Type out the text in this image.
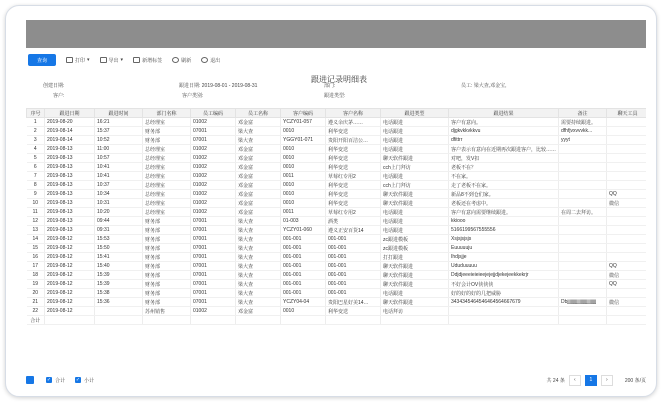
查询	打印 ▾	导出 ▾	新增标签	刷新	退出
跟进记录明细表
创建日期:	跟进日期: 2019-08-01 - 2019-08-31	部门:	员工: 梁大查,邓金宝,
客户:	客户类别:	跟进类型:
序号	跟进日期	跟进时间	部门名称	员工编码	员工名称	客户编码	客户名称	跟进类型	跟进结果	备注	聊天工具
1	2019-08-20	16:21	总经理室	01002	邓金富	YCZY01-057	遵义余庆茅……	电话跟进	客户有意向。	需要持续跟进。	
2	2019-08-14	15:37	财务部	07001	梁大查	0010	利华变送	电话跟进	djgkvkkvkkvu	dfhfjvxvvvkk...	
3	2019-08-14	10:52	财务部	07001	梁大查	YGGY01-071	贵阳开阳百洁公…	电话跟进	dfittrr	yyyt	
4	2019-08-13	11:00	总经理室	01002	邓金富	0010	利华变送	电话跟进	客户表示有意向在近期再次跟进客户，比较……		
5	2019-08-13	10:57	总经理室	01002	邓金富	0010	利华变送	聊天软件跟进	对吧，发V扣		
6	2019-08-13	10:41	总经理室	01002	邓金富	0010	利华变送	cch上门拜访	老板不在？		
7	2019-08-13	10:41	总经理室	01002	邓金富	0011	草莓红专用2	电话跟进	不在家。		
8	2019-08-13	10:37	总经理室	01002	邓金富	0010	利华变送	cch上门拜访	走了老板不在家。		
9	2019-08-13	10:34	总经理室	01002	邓金富	0010	利华变送	聊天软件跟进	新品8不到仓们家。		QQ
10	2019-08-13	10:31	总经理室	01002	邓金富	0010	利华变送	聊天软件跟进	老板还在考虑中。		微信
11	2019-08-13	10:20	总经理室	01002	邓金富	0011	草莓红专用2	电话跟进	客户有意向需要继续跟进。	在周二去拜访。	
12	2019-08-13	09:44	财务部	07001	梁大查	01-003	酒类	电话跟进	kkiooo		
13	2019-08-13	09:31	财务部	07001	梁大查	YCZY01-060	遵义正安百货14	电话跟进	5166199567555556		
14	2019-08-12	15:53	财务部	07001	梁大查	001-001	001-001	zc跟进模板	Xsjsjsjsjs		
15	2019-08-12	15:50	财务部	07001	梁大查	001-001	001-001	zc跟进模板	Euuuuuju		
16	2019-08-12	15:41	财务部	07001	梁大查	001-001	001-001	打打跟进	Ihdjsjje		
17	2019-08-12	15:40	财务部	07001	梁大查	001-001	001-001	聊天软件跟进	Ududuuuuu		QQ
18	2019-08-12	15:39	财务部	07001	梁大查	001-001	001-001	聊天软件跟进	Ddjdjeeeieieieejejejjdjekejeekkekrjr		微信
19	2019-08-12	15:39	财务部	07001	梁大查	001-001	001-001	聊天软件跟进	不好会计OV侠侠侠		QQ
20	2019-08-12	15:38	财务部	07001	梁大查	001-001	001-001	电话跟进	好的好的好的几把威胁		
21	2019-08-12	15:36	财务部	07001	梁大查	YCZY04-04	贵阳巴星好美14…	聊天软件跟进	3434345464546464564667679	Dbjjjjjjjjjjjjjjjjjjjjjjjjjj	微信
22	2019-08-12		苏州销售	01002	邓金富	0010	利华变送	电话拜访			
合计											
✓ 合计 ✓ 小计	共 24 条	‹	1	›	200 条/页
